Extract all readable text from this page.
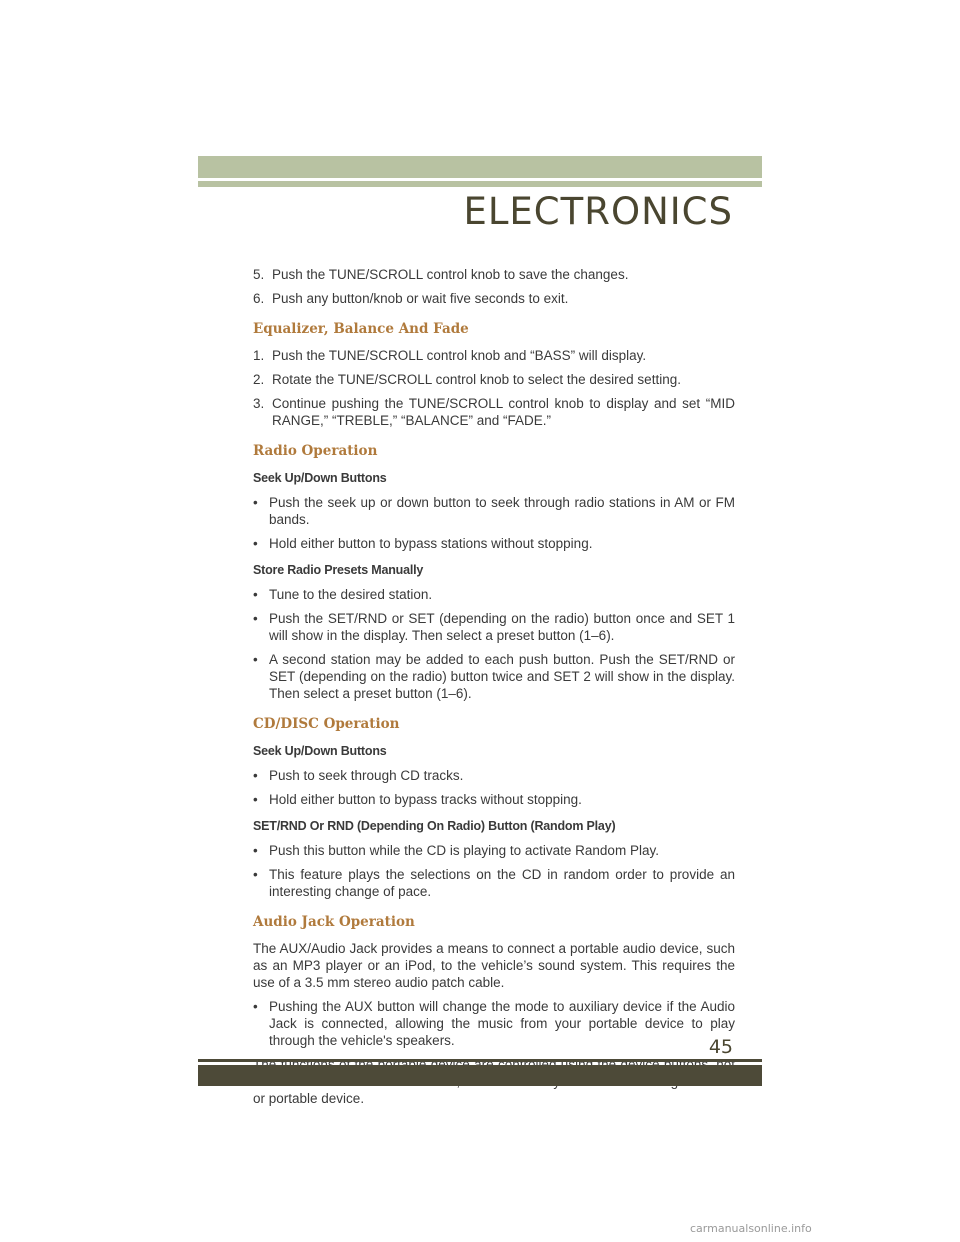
ELECTRONICS

5. Push the TUNE/SCROLL control knob to save the changes.

6. Push any button/knob or wait five seconds to exit.

Equalizer, Balance And Fade

1. Push the TUNE/SCROLL control knob and “BASS” will display.

2. Rotate the TUNE/SCROLL control knob to select the desired setting.

3. Continue pushing the TUNE/SCROLL control knob to display and set “MID RANGE,” “TREBLE,” “BALANCE” and “FADE.”

Radio Operation
Seek Up/Down Buttons

• Push the seek up or down button to seek through radio stations in AM or FM bands.

• Hold either button to bypass stations without stopping.

Store Radio Presets Manually

• Tune to the desired station.

• Push the SET/RND or SET (depending on the radio) button once and SET 1 will show in the display. Then select a preset button (1–6).

• A second station may be added to each push button. Push the SET/RND or SET (depending on the radio) button twice and SET 2 will show in the display. Then select a preset button (1–6).

CD/DISC Operation
Seek Up/Down Buttons

• Push to seek through CD tracks.

• Hold either button to bypass tracks without stopping.

SET/RND Or RND (Depending On Radio) Button (Random Play)

• Push this button while the CD is playing to activate Random Play.

• This feature plays the selections on the CD in random order to provide an interesting change of pace.

Audio Jack Operation

The AUX/Audio Jack provides a means to connect a portable audio device, such as an MP3 player or an iPod, to the vehicle’s sound system. This requires the use of a 3.5 mm stereo audio patch cable.

• Pushing the AUX button will change the mode to auxiliary device if the Audio Jack is connected, allowing the music from your portable device to play through the vehicle's speakers.

or portable device.

45
carmanualsonline.info
